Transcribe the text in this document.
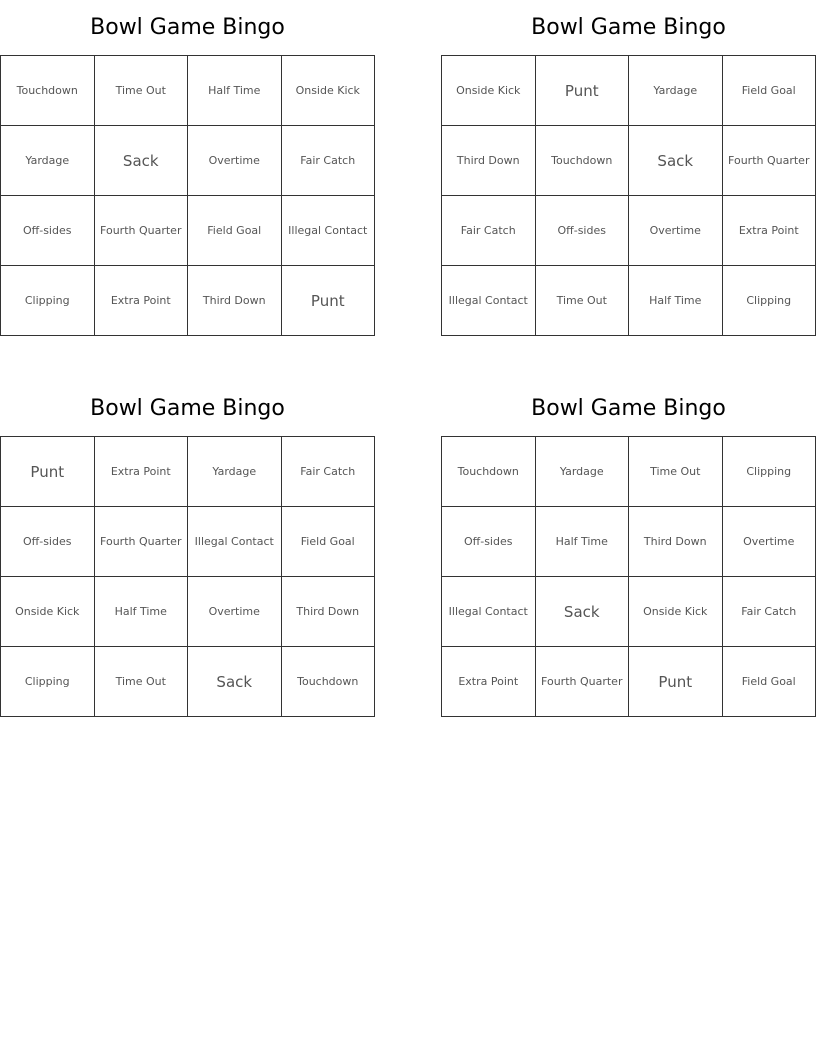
Bowl Game Bingo
Touchdown	Time Out	Half Time	Onside Kick
Yardage	Sack	Overtime	Fair Catch
Off-sides	Fourth Quarter	Field Goal	Illegal Contact
Clipping	Extra Point	Third Down	Punt
Bowl Game Bingo
Onside Kick	Punt	Yardage	Field Goal
Third Down	Touchdown	Sack	Fourth Quarter
Fair Catch	Off-sides	Overtime	Extra Point
Illegal Contact	Time Out	Half Time	Clipping
Bowl Game Bingo
Punt	Extra Point	Yardage	Fair Catch
Off-sides	Fourth Quarter	Illegal Contact	Field Goal
Onside Kick	Half Time	Overtime	Third Down
Clipping	Time Out	Sack	Touchdown
Bowl Game Bingo
Touchdown	Yardage	Time Out	Clipping
Off-sides	Half Time	Third Down	Overtime
Illegal Contact	Sack	Onside Kick	Fair Catch
Extra Point	Fourth Quarter	Punt	Field Goal
